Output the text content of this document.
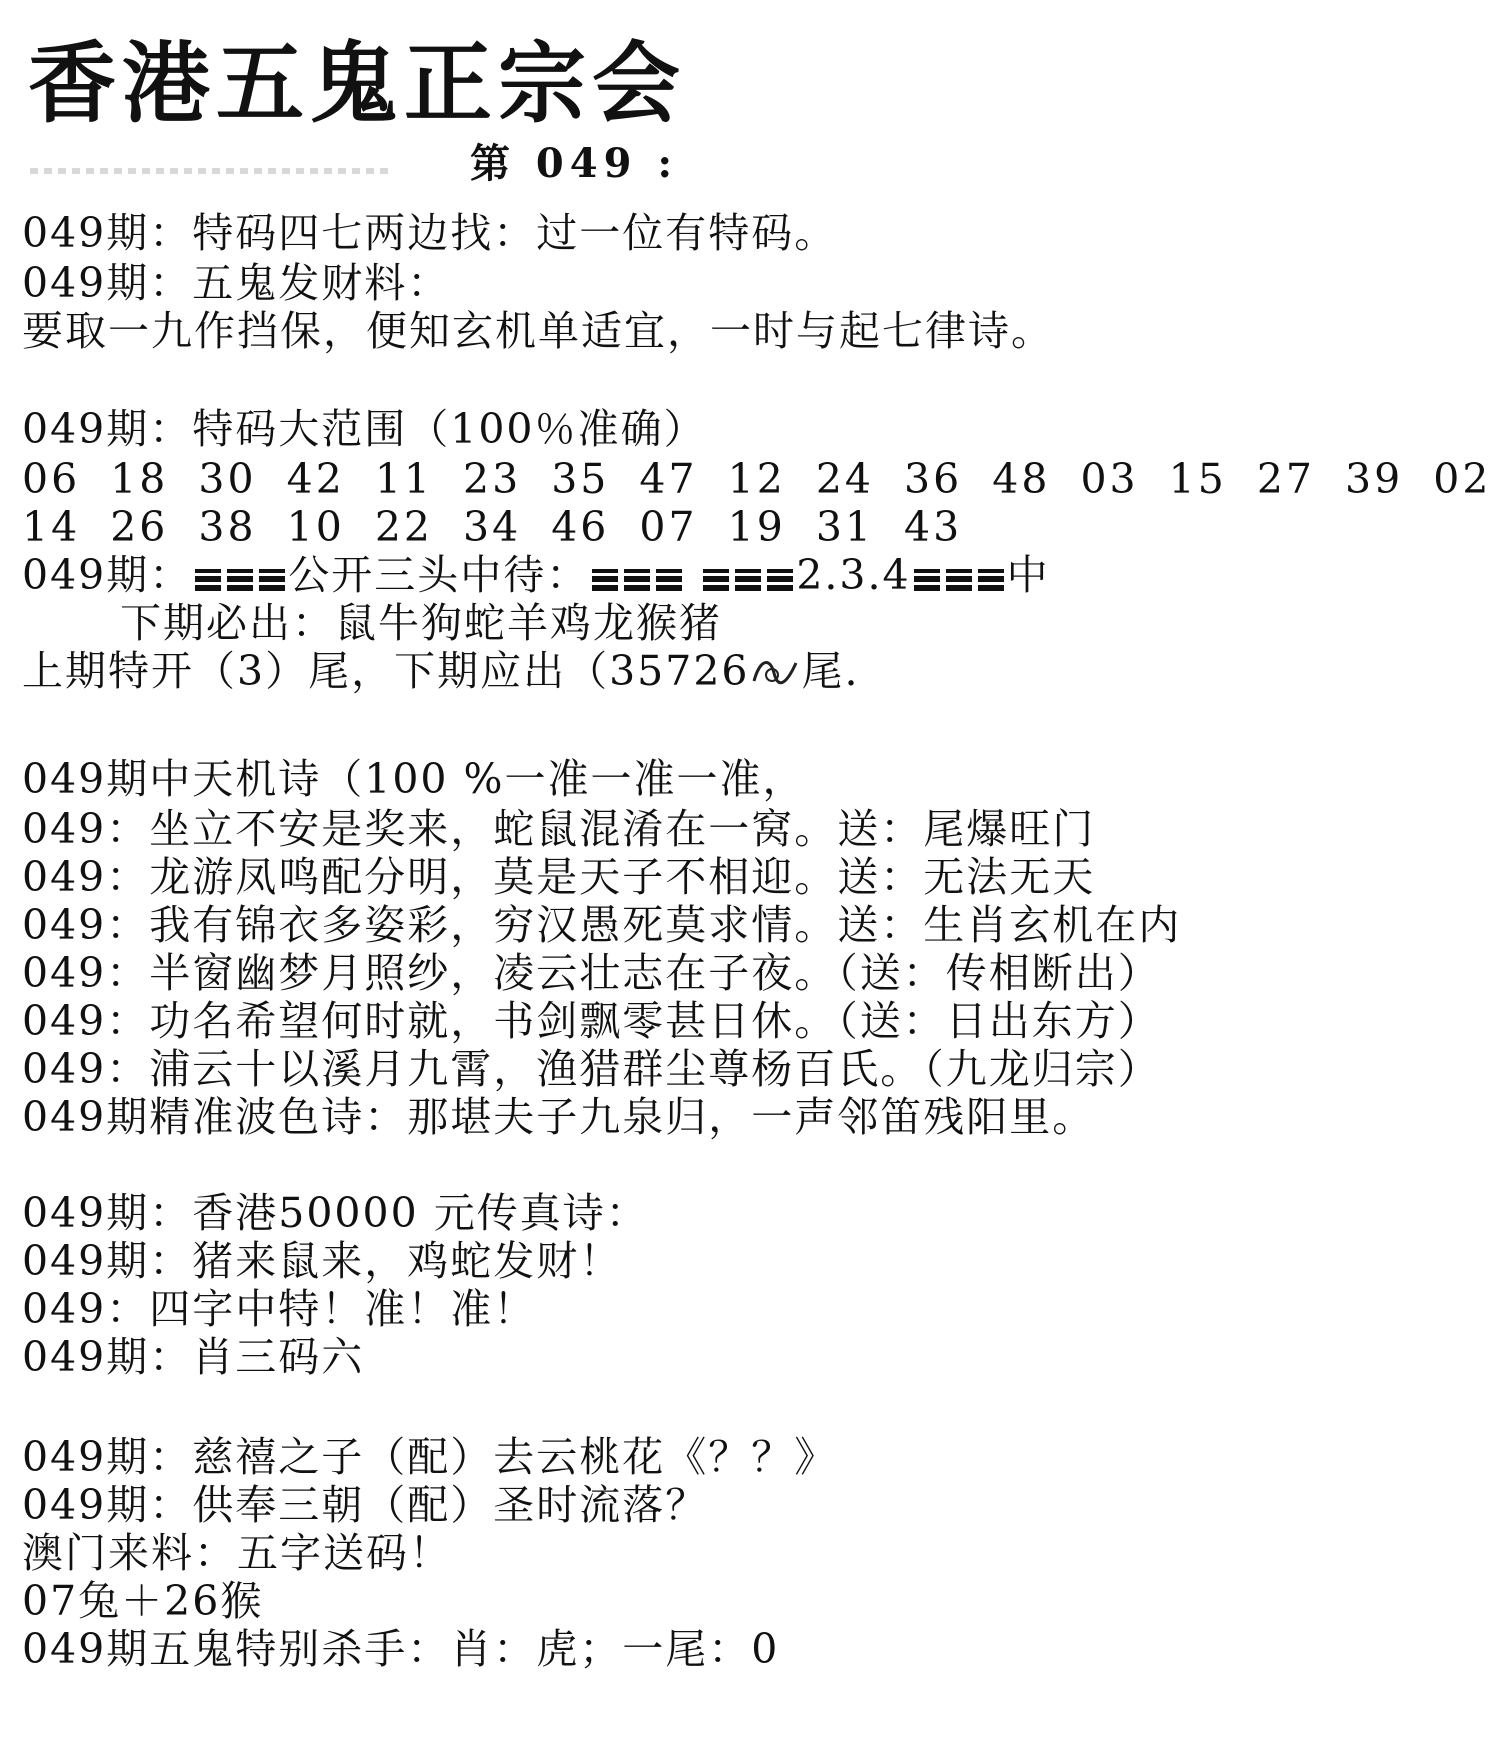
香港五鬼正宗会
第 049 :
049期：特码四七两边找：过一位有特码。
049期：五鬼发财料：
要取一九作挡保，便知玄机单适宜，一时与起七律诗。
049期：特码大范围（100％准确）
06 18 30 42 11 23 35 47 12 24 36 48 03 15 27 39 02
14 26 38 10 22 34 46 07 19 31 43
049期： 公开三头中待：	2.3.4 中
下期必出：鼠牛狗蛇羊鸡龙猴猪
上期特开（3）尾，下期应出（35726 尾.
049期中天机诗（100 %一准一准一准，
049：坐立不安是奖来，蛇鼠混淆在一窝。送：尾爆旺门
049：龙游凤鸣配分明，莫是天子不相迎。送：无法无天
049：我有锦衣多姿彩，穷汉愚死莫求情。送：生肖玄机在内
049：半窗幽梦月照纱，凌云壮志在子夜。（送：传相断出）
049：功名希望何时就，书剑飘零甚日休。（送：日出东方）
049：浦云十以溪月九霄，渔猎群尘尊杨百氏。（九龙归宗）
049期精准波色诗：那堪夫子九泉归，一声邻笛残阳里。
049期：香港50000 元传真诗：
049期：猪来鼠来，鸡蛇发财！
049：四字中特！准！准！
049期：肖三码六
049期：慈禧之子（配）去云桃花《？？》
049期：供奉三朝（配）圣时流落？
澳门来料：五字送码！
07兔＋26猴
049期五鬼特别杀手：肖：虎；一尾：0
